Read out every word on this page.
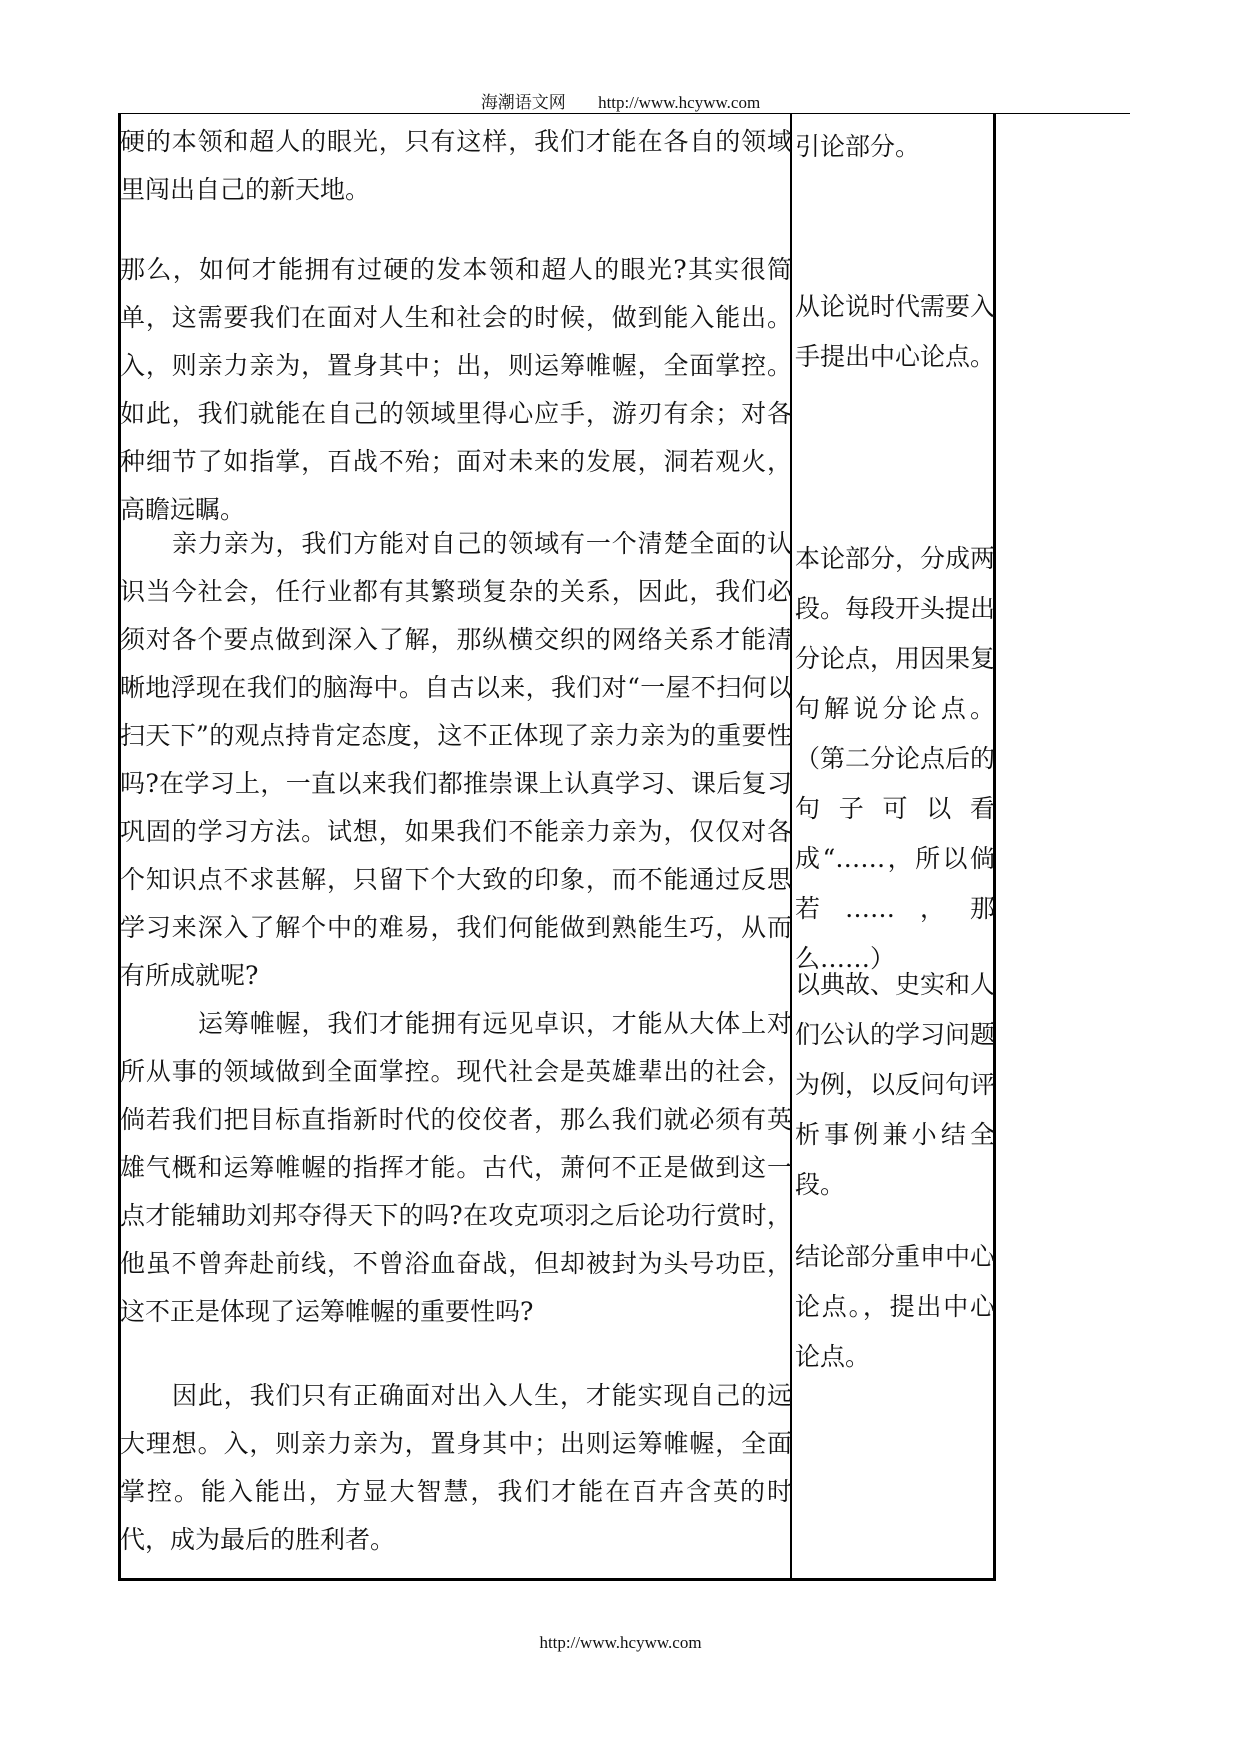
海潮语文网 http://www.hcyww.com

硬的本领和超人的眼光，只有这样，我们才能在各自的领域里闯出自己的新天地。

那么，如何才能拥有过硬的发本领和超人的眼光?其实很简单，这需要我们在面对人生和社会的时候，做到能入能出。入，则亲力亲为，置身其中；出，则运筹帷幄，全面掌控。如此，我们就能在自己的领域里得心应手，游刃有余；对各种细节了如指掌，百战不殆；面对未来的发展，洞若观火，高瞻远瞩。

亲力亲为，我们方能对自己的领域有一个清楚全面的认识当今社会，任行业都有其繁琐复杂的关系，因此，我们必须对各个要点做到深入了解，那纵横交织的网络关系才能清晰地浮现在我们的脑海中。自古以来，我们对“一屋不扫何以扫天下”的观点持肯定态度，这不正体现了亲力亲为的重要性吗?在学习上，一直以来我们都推崇课上认真学习、课后复习巩固的学习方法。试想，如果我们不能亲力亲为，仅仅对各个知识点不求甚解，只留下个大致的印象，而不能通过反思学习来深入了解个中的难易，我们何能做到熟能生巧，从而有所成就呢?

运筹帷幄，我们才能拥有远见卓识，才能从大体上对所从事的领域做到全面掌控。现代社会是英雄辈出的社会，倘若我们把目标直指新时代的佼佼者，那么我们就必须有英雄气概和运筹帷幄的指挥才能。古代，萧何不正是做到这一点才能辅助刘邦夺得天下的吗?在攻克项羽之后论功行赏时，他虽不曾奔赴前线，不曾浴血奋战，但却被封为头号功臣，这不正是体现了运筹帷幄的重要性吗?

因此，我们只有正确面对出入人生，才能实现自己的远大理想。入，则亲力亲为，置身其中；出则运筹帷幄，全面掌控。能入能出，方显大智慧，我们才能在百卉含英的时代，成为最后的胜利者。

引论部分。

从论说时代需要入手提出中心论点。

本论部分，分成两段。每段开头提出分论点，用因果复句解说分论点。（第二分论点后的句子可以看成“……，所以倘若……，那么……）

以典故、史实和人们公认的学习问题为例，以反问句评析事例兼小结全段。

结论部分重申中心论点。，提出中心论点。

http://www.hcyww.com
